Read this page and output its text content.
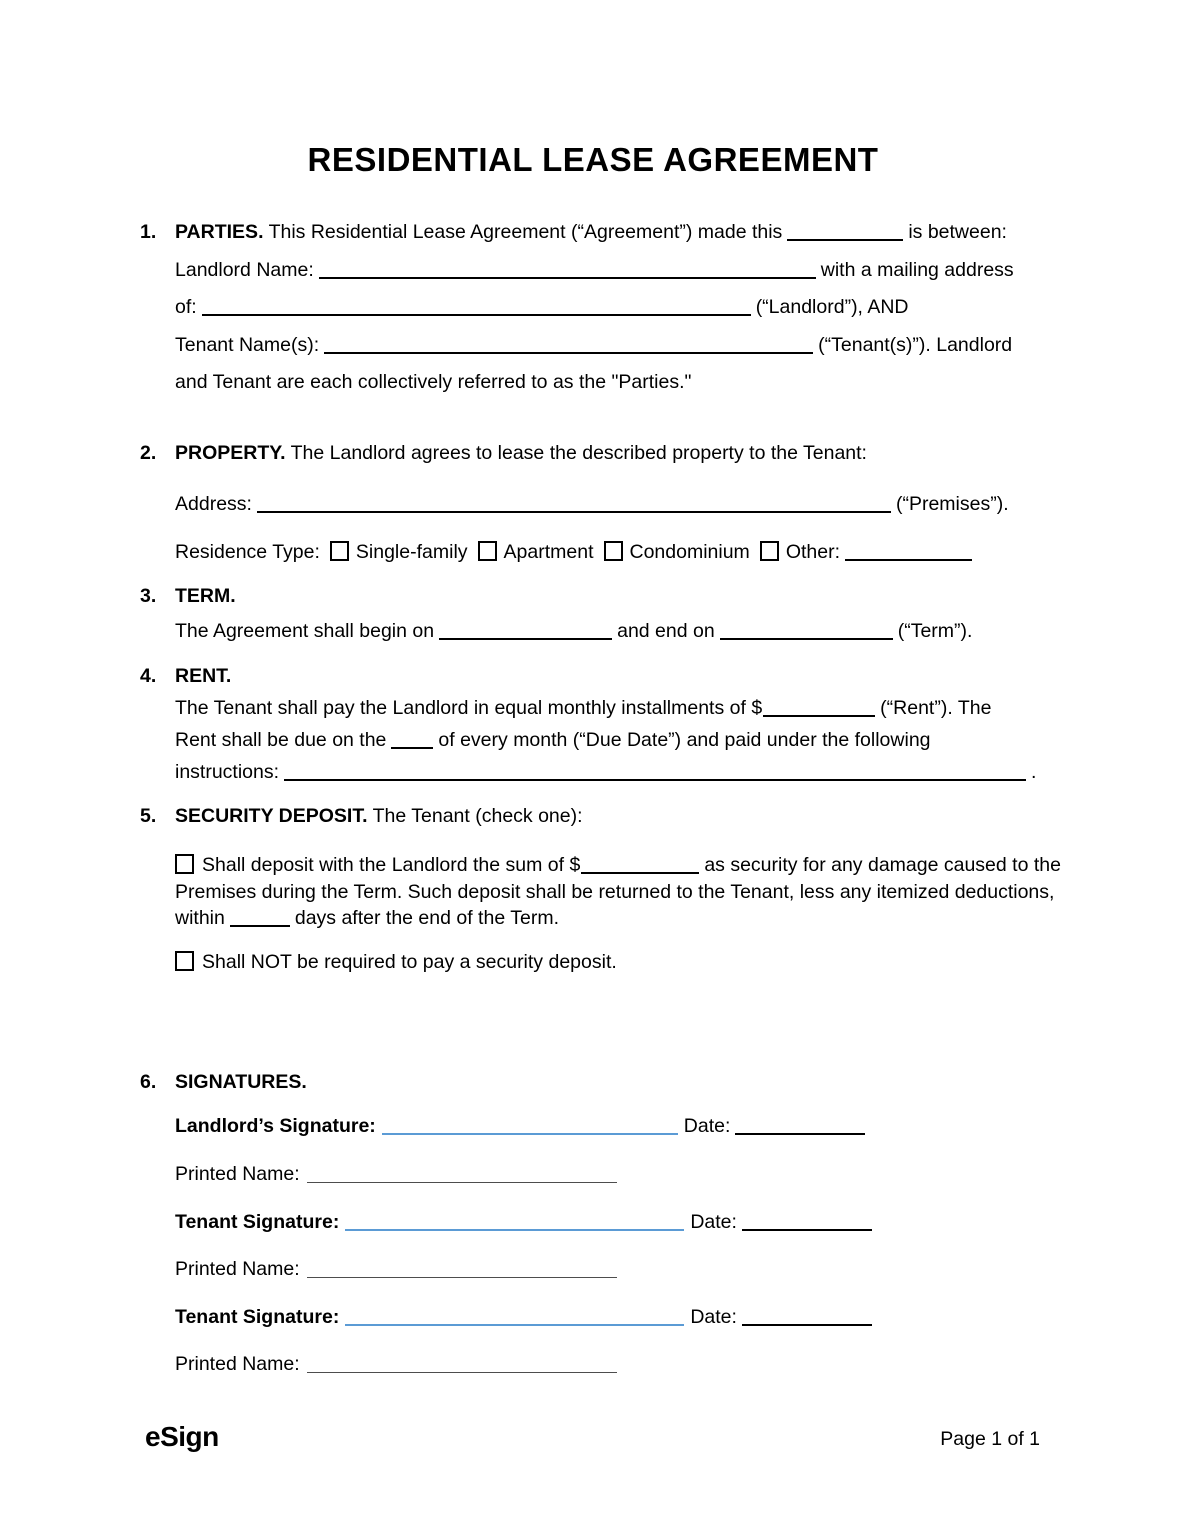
RESIDENTIAL LEASE AGREEMENT
1. PARTIES. This Residential Lease Agreement (“Agreement”) made this	is between:
Landlord Name:	with a mailing address
of:	(“Landlord”), AND
Tenant Name(s):	(“Tenant(s)”). Landlord
and Tenant are each collectively referred to as the "Parties."
2. PROPERTY. The Landlord agrees to lease the described property to the Tenant:
Address:	(“Premises”).
Residence Type: Single-family Apartment Condominium Other:
3. TERM.
The Agreement shall begin on	and end on	(“Term”).
4. RENT.
The Tenant shall pay the Landlord in equal monthly installments of $	(“Rent”). The
Rent shall be due on the	of every month (“Due Date”) and paid under the following
instructions:	.
5. SECURITY DEPOSIT. The Tenant (check one):
Shall deposit with the Landlord the sum of $	as security for any damage caused to the Premises during the Term. Such deposit shall be returned to the Tenant, less any itemized deductions, within	days after the end of the Term.
Shall NOT be required to pay a security deposit.
6. SIGNATURES.
Landlord’s Signature:	Date:
Printed Name:
Tenant Signature:	Date:
Printed Name:
Tenant Signature:	Date:
Printed Name:
eSign	Page 1 of 1
